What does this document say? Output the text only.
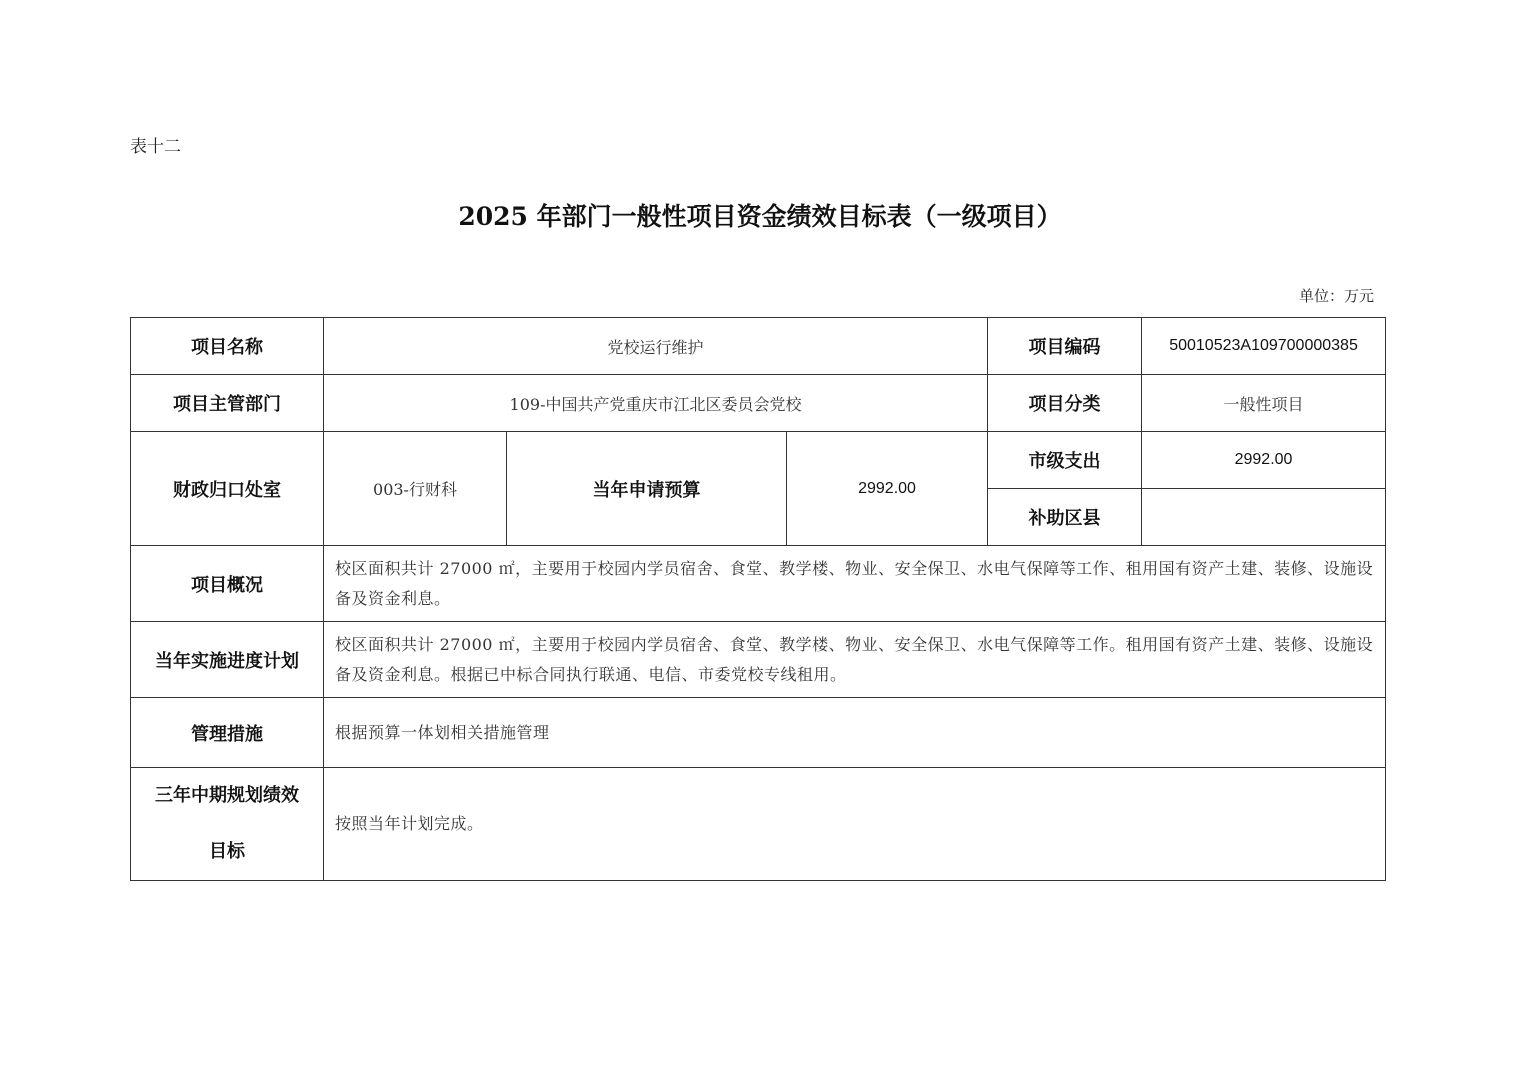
表十二
2025 年部门一般性项目资金绩效目标表（一级项目）
单位：万元
项目名称	党校运行维护			项目编码	50010523A109700000385
项目主管部门	109-中国共产党重庆市江北区委员会党校			项目分类	一般性项目
财政归口处室	003-行财科	当年申请预算	2992.00	市级支出	2992.00
				补助区县	
项目概况	校区面积共计 27000 ㎡，主要用于校园内学员宿舍、食堂、教学楼、物业、安全保卫、水电气保障等工作、租用国有资产土建、装修、设施设备及资金利息。				
当年实施进度计划	校区面积共计 27000 ㎡，主要用于校园内学员宿舍、食堂、教学楼、物业、安全保卫、水电气保障等工作。租用国有资产土建、装修、设施设备及资金利息。根据已中标合同执行联通、电信、市委党校专线租用。				
管理措施	根据预算一体划相关措施管理				

三年中期规划绩效
目标	按照当年计划完成。				
